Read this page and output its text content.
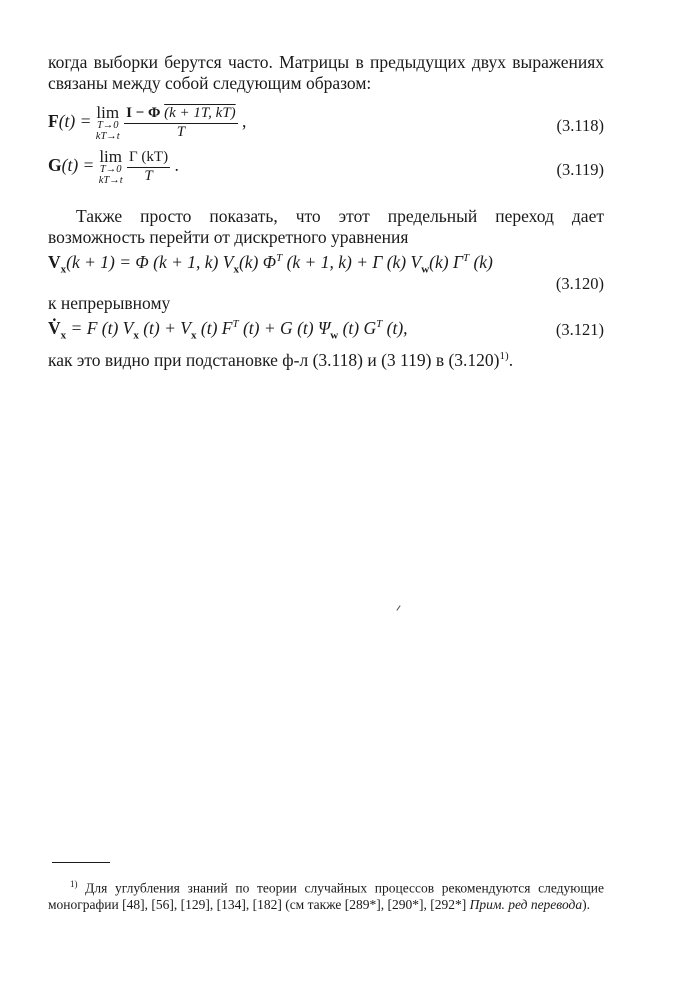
когда выборки берутся часто. Матрицы в предыдущих двух выражениях связаны между собой следующим образом:

F(t) = lim
T→0
kT→t
$\frac{I - \Phi (k + 1T, kT)}{T}$ ,	(3.118)
G(t) = lim
T→0
kT→t
$\frac{\Gamma (kT)}{T}$ .	(3.119)

Также просто показать, что этот предельный переход дает возможность перейти от дискретного уравнения

$V_x(k + 1) = \Phi$ (k + 1, k) $V_x(k)$ $\Phi^T$ (k + 1, k) + Γ (k) $V_w(k)$ $\Gamma^T$ (k)
(3.120)
к непрерывному
$V̇_x = F$ (t) $V_x$ $(t) + V_x$ (t) $F^T$ (t) + G (t) $\Psi_w$ (t) $G^T$ (t),	(3.121)
как это видно при подстановке ф-л (3.118) и (3 119) в $(3.120)^{1)}$.

$^{1)}$ Для углубления знаний по теории случайных процессов рекомендуются следующие монографии [48], [56], [129], [134], [182] (см также [289*], [290*], [292*] Прим. ред перевода).
